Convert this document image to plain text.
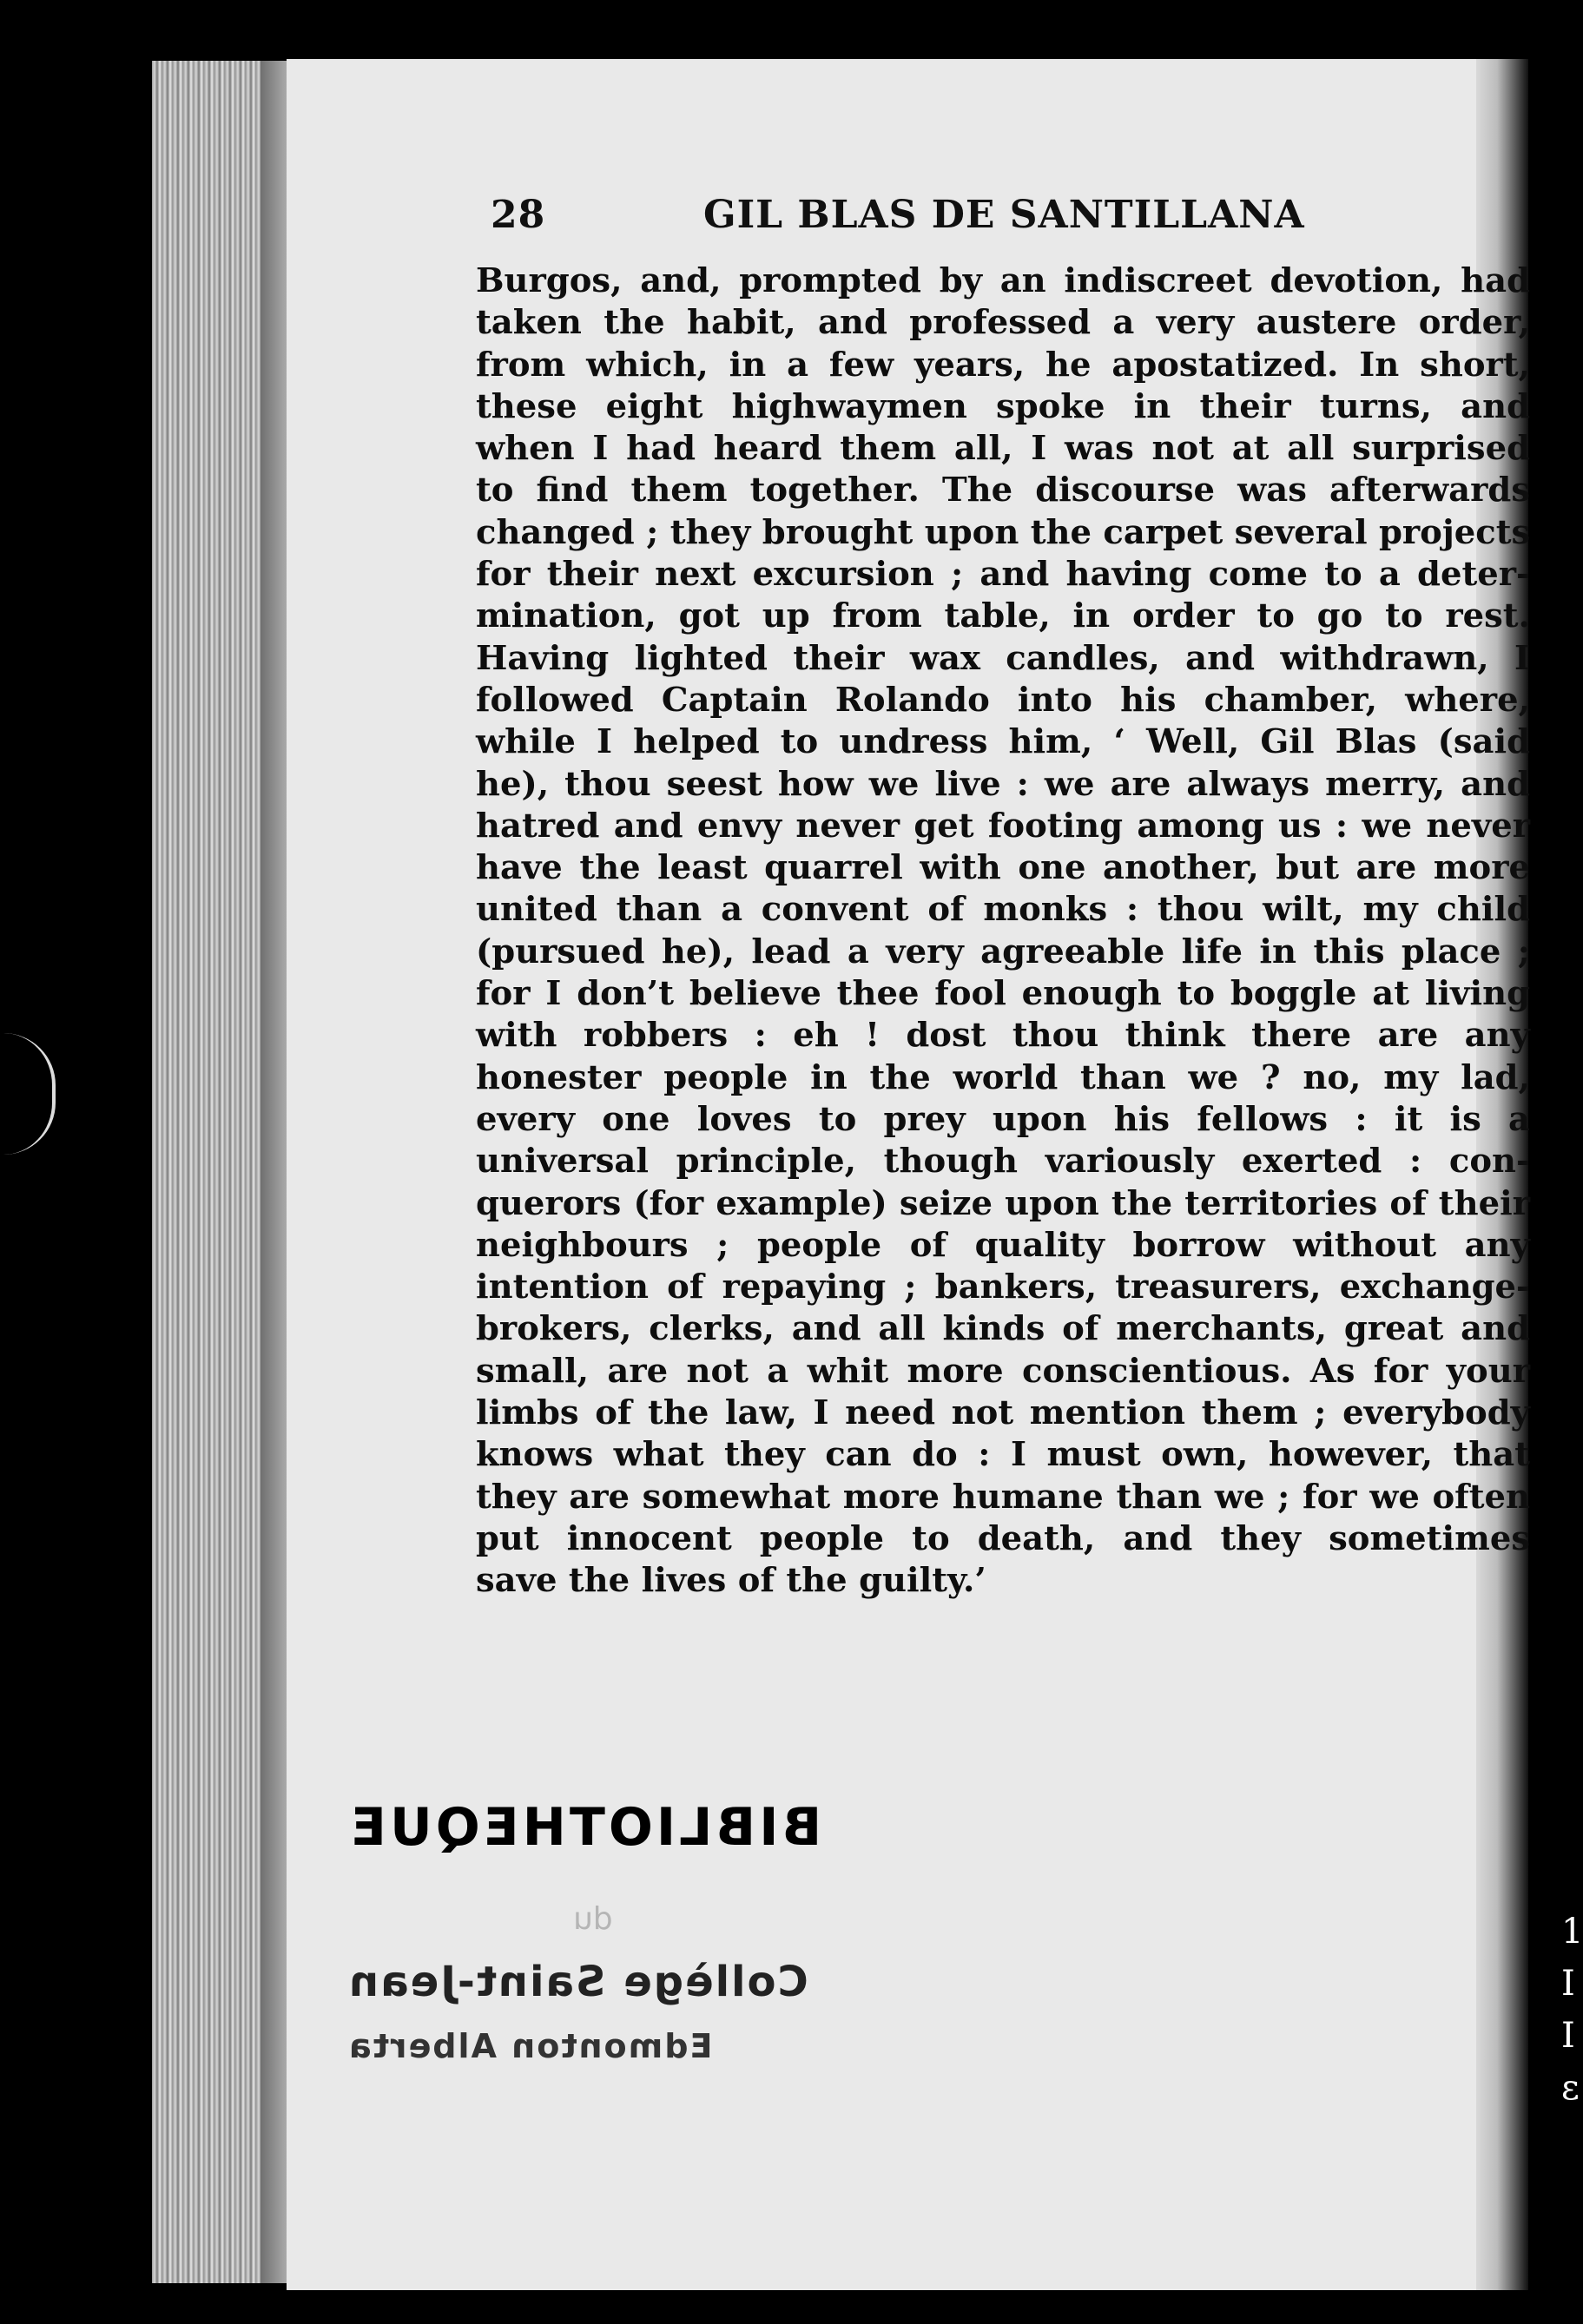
28	GIL BLAS DE SANTILLANA
Burgos, and, prompted by an indiscreet devotion, had
taken the habit, and professed a very austere order,
from which, in a few years, he apostatized. In short,
these eight highwaymen spoke in their turns, and
when I had heard them all, I was not at all surprised
to find them together. The discourse was afterwards
changed ; they brought upon the carpet several projects
for their next excursion ; and having come to a deter-
mination, got up from table, in order to go to rest.
Having lighted their wax candles, and withdrawn, I
followed Captain Rolando into his chamber, where,
while I helped to undress him, ‘ Well, Gil Blas (said
he), thou seest how we live : we are always merry, and
hatred and envy never get footing among us : we never
have the least quarrel with one another, but are more
united than a convent of monks : thou wilt, my child
(pursued he), lead a very agreeable life in this place ;
for I don’t believe thee fool enough to boggle at living
with robbers : eh ! dost thou think there are any
honester people in the world than we ? no, my lad,
every one loves to prey upon his fellows : it is a
universal principle, though variously exerted : con-
querors (for example) seize upon the territories of their
neighbours ; people of quality borrow without any
intention of repaying ; bankers, treasurers, exchange-
brokers, clerks, and all kinds of merchants, great and
small, are not a whit more conscientious. As for your
limbs of the law, I need not mention them ; everybody
knows what they can do : I must own, however, that
they are somewhat more humane than we ; for we often
put innocent people to death, and they sometimes
save the lives of the guilty.’
BIBLIOTHEQUE
du
Collège Saint-Jean
Edmonton Alberta
1
I
I
ε
